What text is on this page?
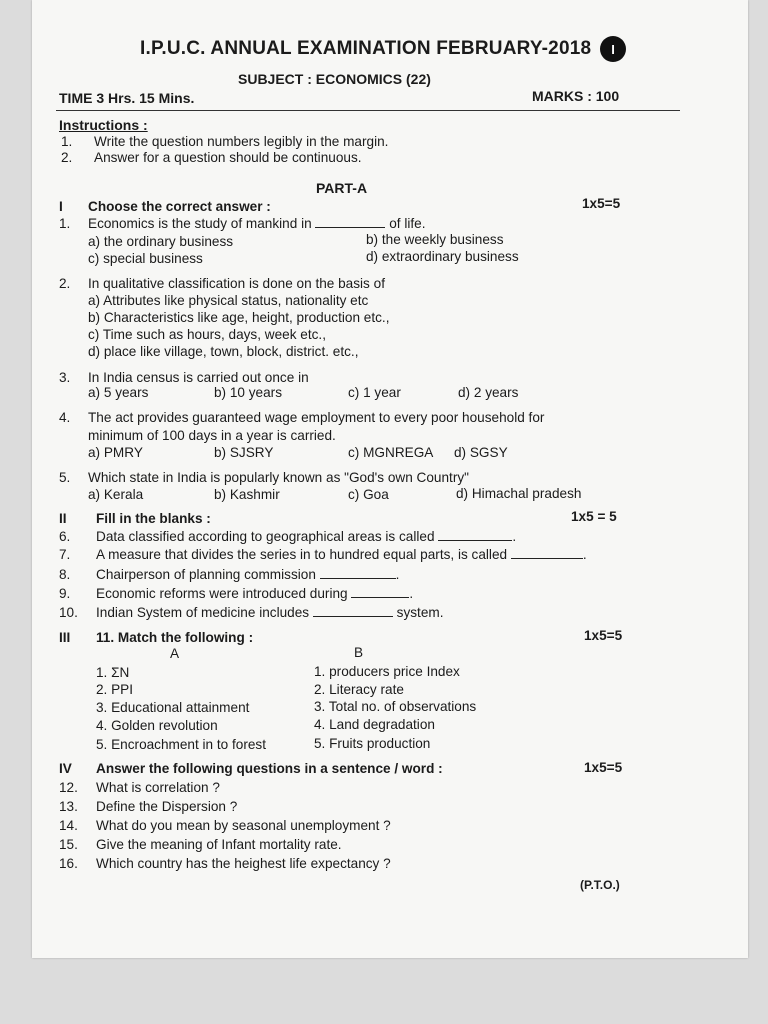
I.P.U.C. ANNUAL EXAMINATION FEBRUARY-2018	I
SUBJECT : ECONOMICS (22)
TIME 3 Hrs. 15 Mins.	MARKS : 100
Instructions :
1. Write the question numbers legibly in the margin.
2. Answer for a question should be continuous.
PART-A
I Choose the correct answer :	1x5=5
1. Economics is the study of mankind in	of life.
a) the ordinary business	b) the weekly business
c) special business	d) extraordinary business
2. In qualitative classification is done on the basis of
a) Attributes like physical status, nationality etc
b) Characteristics like age, height, production etc.,
c) Time such as hours, days, week etc.,
d) place like village, town, block, district. etc.,
3. In India census is carried out once in
a) 5 years	b) 10 years	c) 1 year	d) 2 years
4. The act provides guaranteed wage employment to every poor household for
minimum of 100 days in a year is carried.
a) PMRY	b) SJSRY	c) MGNREGA d) SGSY
5. Which state in India is popularly known as "God's own Country"
a) Kerala	b) Kashmir	c) Goa	d) Himachal pradesh
II Fill in the blanks :	1x5 = 5
6. Data classified according to geographical areas is called	.
7. A measure that divides the series in to hundred equal parts, is called	.
8. Chairperson of planning commission	.
9. Economic reforms were introduced during	.
10. Indian System of medicine includes	system.
III 11. Match the following :	1x5=5
A	B
1. ΣN	1. producers price Index
2. PPI	2. Literacy rate
3. Educational attainment	3. Total no. of observations
4. Golden revolution	4. Land degradation
5. Encroachment in to forest	5. Fruits production
IV Answer the following questions in a sentence / word :	1x5=5
12. What is correlation ?
13. Define the Dispersion ?
14. What do you mean by seasonal unemployment ?
15. Give the meaning of Infant mortality rate.
16. Which country has the heighest life expectancy ?
(P.T.O.)
